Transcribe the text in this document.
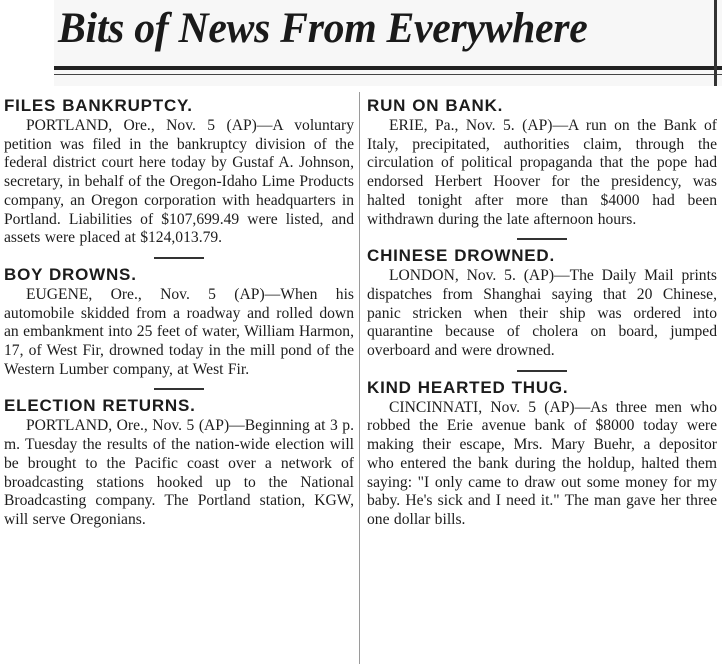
Bits of News From Everywhere
FILES BANKRUPTCY.

PORTLAND, Ore., Nov. 5 (AP)—A voluntary petition was filed in the bankruptcy division of the federal district court here today by Gustaf A. Johnson, secretary, in behalf of the Oregon-Idaho Lime Products company, an Oregon corporation with headquarters in Portland. Liabilities of $107,699.49 were listed, and assets were placed at $124,013.79.

BOY DROWNS.

EUGENE, Ore., Nov. 5 (AP)—When his automobile skidded from a roadway and rolled down an embankment into 25 feet of water, William Harmon, 17, of West Fir, drowned today in the mill pond of the Western Lumber company, at West Fir.

ELECTION RETURNS.

PORTLAND, Ore., Nov. 5 (AP)—Beginning at 3 p. m. Tuesday the results of the nation-wide election will be brought to the Pacific coast over a network of broadcasting stations hooked up to the National Broadcasting company. The Portland station, KGW, will serve Oregonians.

RUN ON BANK.

ERIE, Pa., Nov. 5. (AP)—A run on the Bank of Italy, precipitated, authorities claim, through the circulation of political propaganda that the pope had endorsed Herbert Hoover for the presidency, was halted tonight after more than $4000 had been withdrawn during the late afternoon hours.

CHINESE DROWNED.

LONDON, Nov. 5. (AP)—The Daily Mail prints dispatches from Shanghai saying that 20 Chinese, panic stricken when their ship was ordered into quarantine because of cholera on board, jumped overboard and were drowned.

KIND HEARTED THUG.

CINCINNATI, Nov. 5 (AP)—As three men who robbed the Erie avenue bank of $8000 today were making their escape, Mrs. Mary Buehr, a depositor who entered the bank during the holdup, halted them saying: "I only came to draw out some money for my baby. He's sick and I need it." The man gave her three one dollar bills.
